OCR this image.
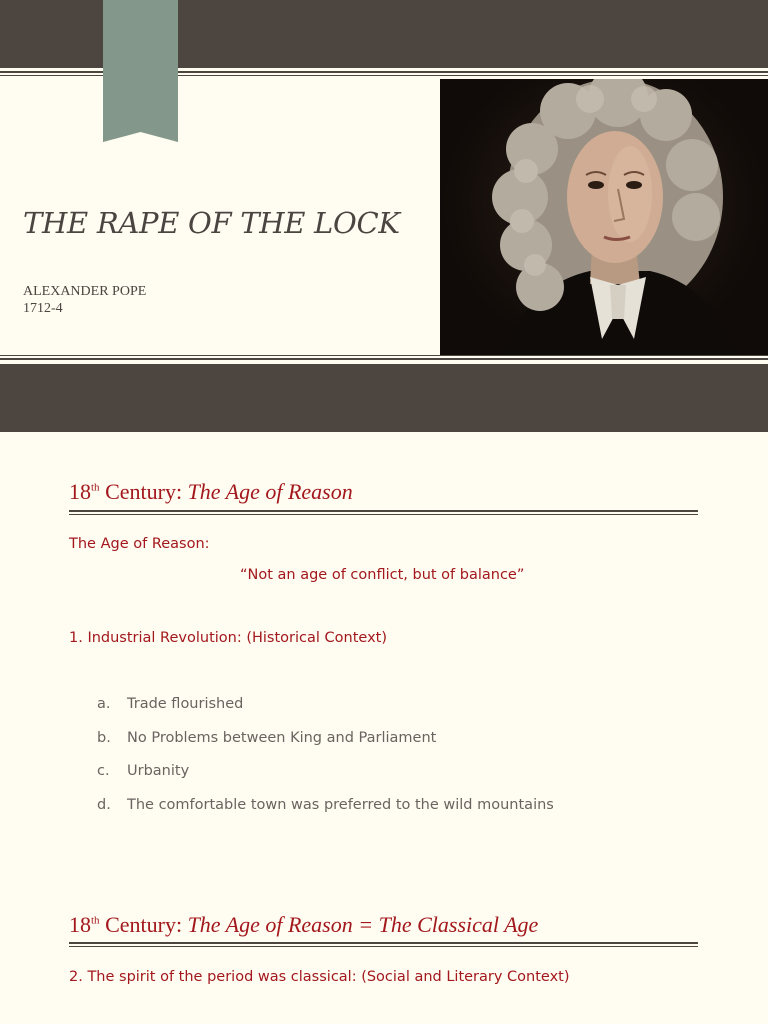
THE RAPE OF THE LOCK
ALEXANDER POPE
1712-4
18th Century: The Age of Reason
The Age of Reason:
“Not an age of conflict, but of balance”
1. Industrial Revolution: (Historical Context)
a. Trade flourished
b. No Problems between King and Parliament
c. Urbanity
d. The comfortable town was preferred to the wild mountains
18th Century: The Age of Reason = The Classical Age
2. The spirit of the period was classical: (Social and Literary Context)
